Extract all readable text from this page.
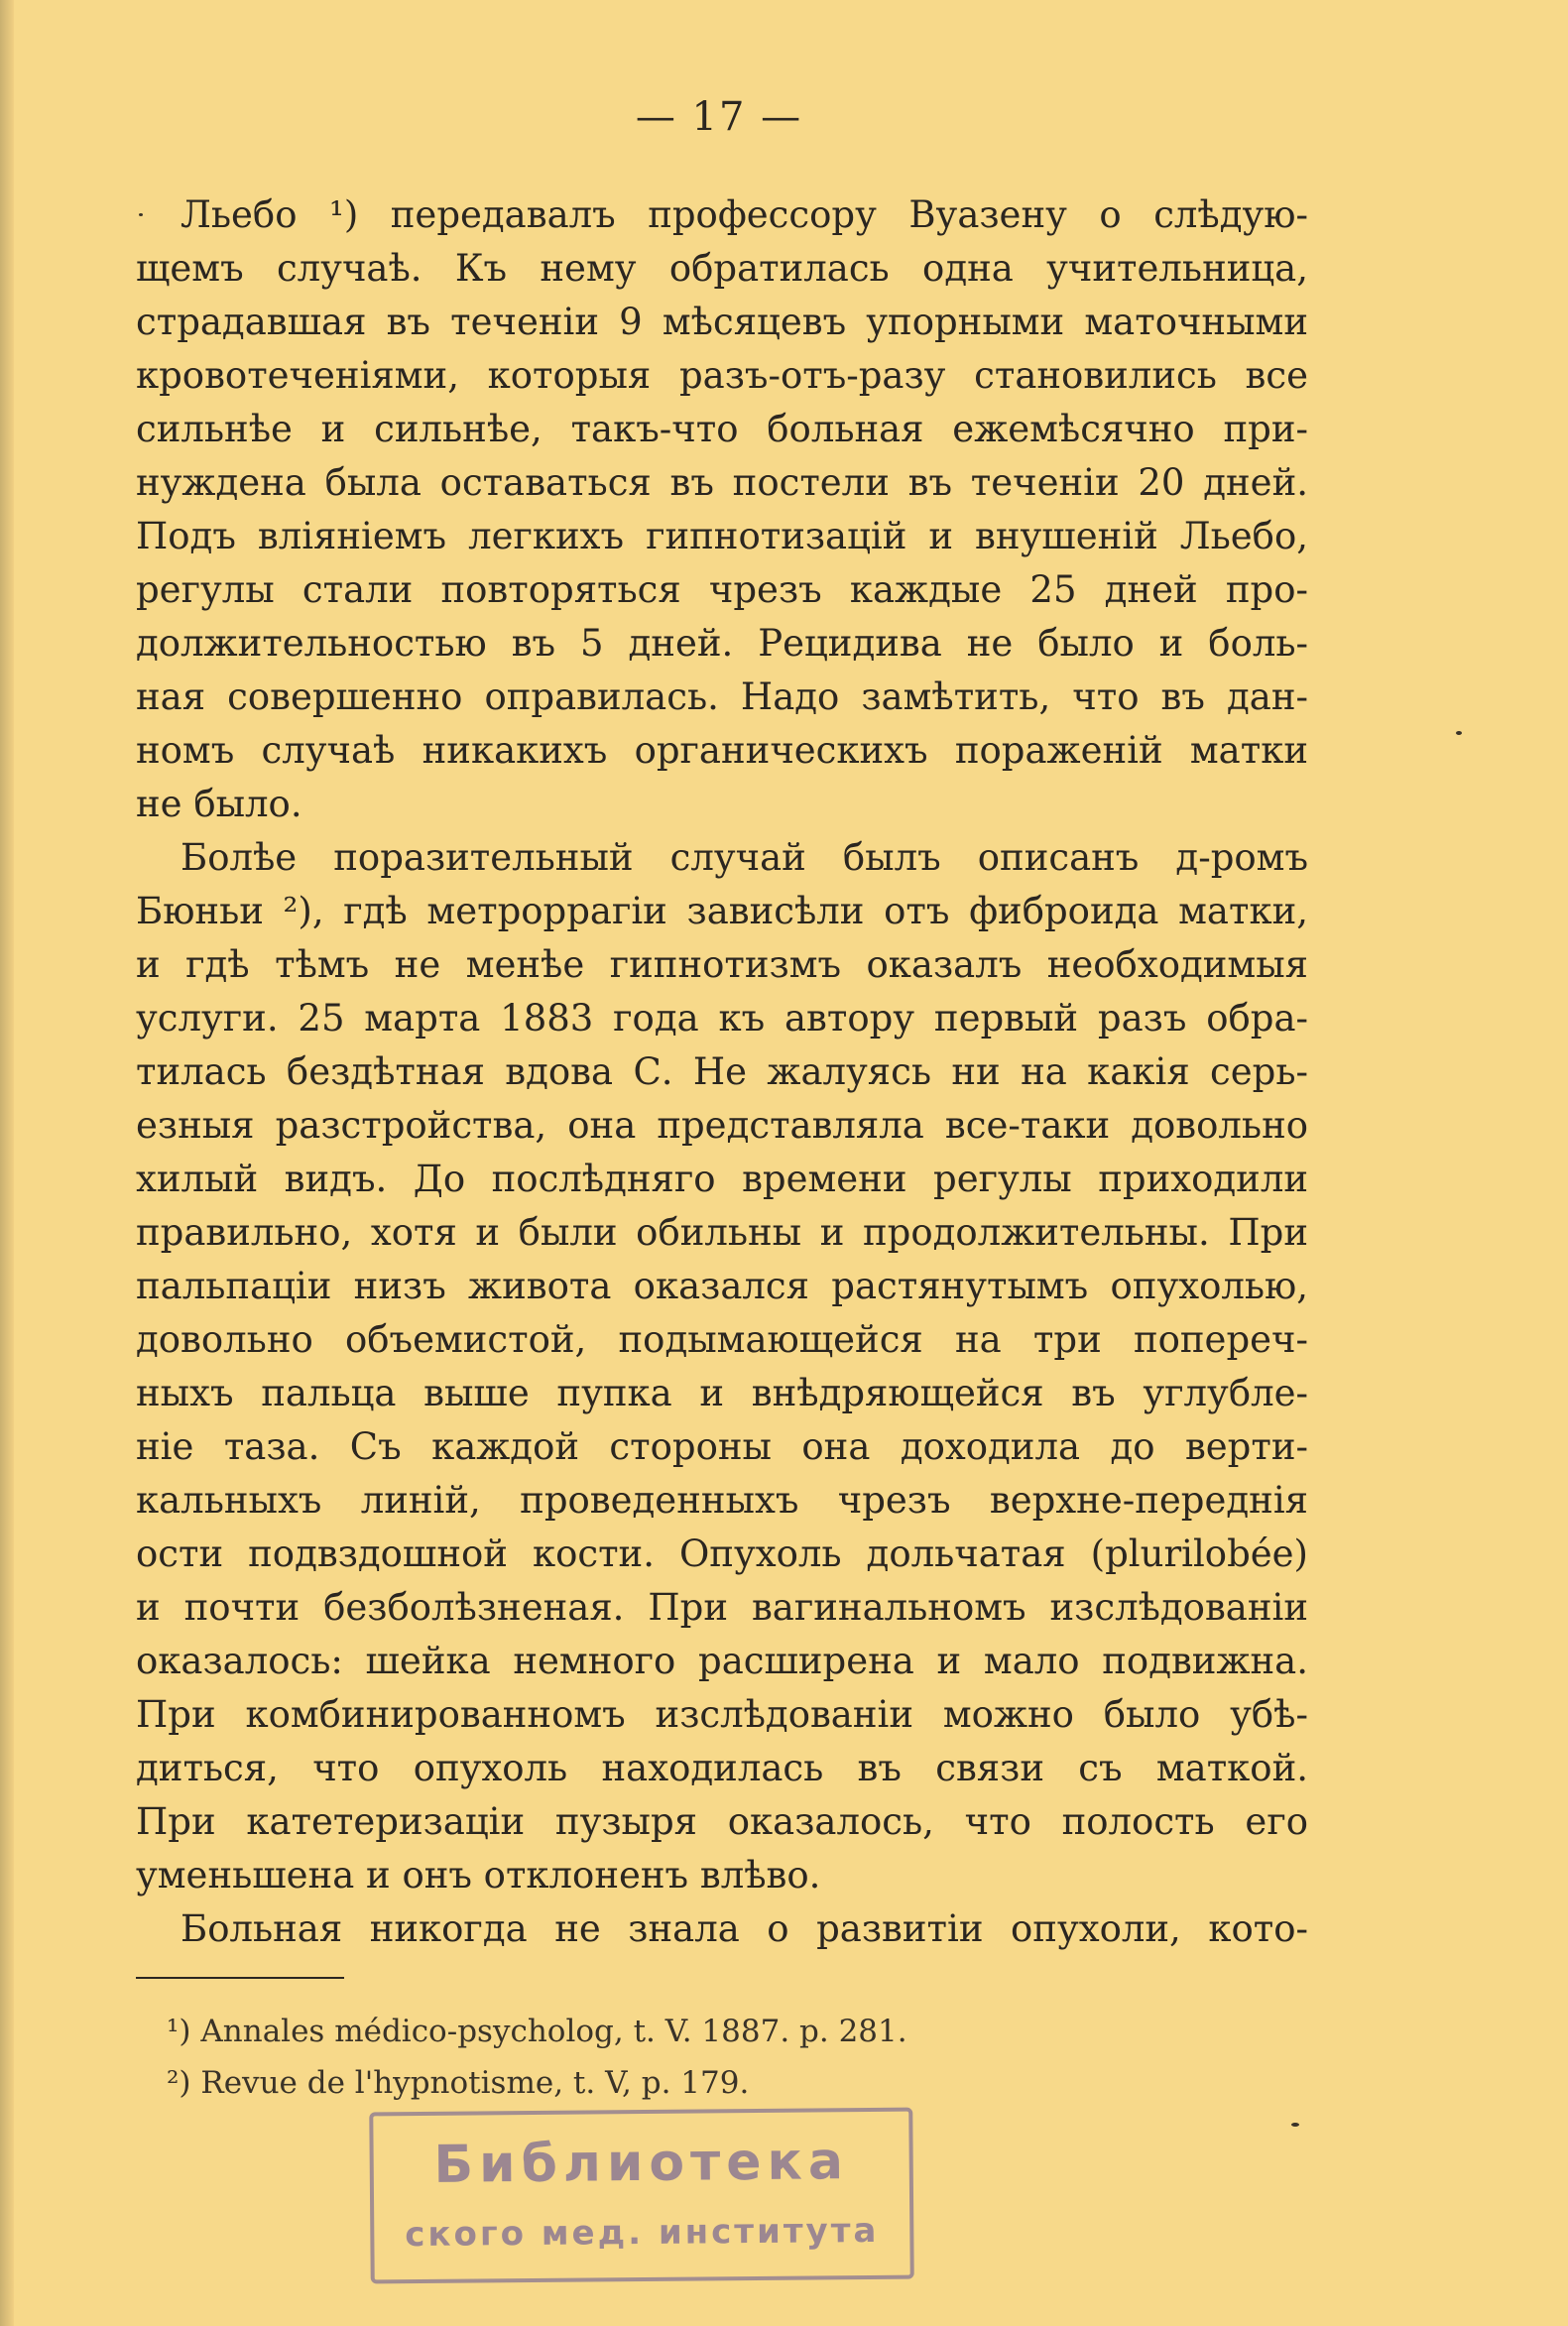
— 17 —
Льебо ¹) передавалъ профессору Вуазену о слѣдую-
щемъ случаѣ. Къ нему обратилась одна учительница,
страдавшая въ теченіи 9 мѣсяцевъ упорными маточными
кровотеченіями, которыя разъ-отъ-разу становились все
сильнѣе и сильнѣе, такъ-что больная ежемѣсячно при-
нуждена была оставаться въ постели въ теченіи 20 дней.
Подъ вліяніемъ легкихъ гипнотизацій и внушеній Льебо,
регулы стали повторяться чрезъ каждые 25 дней про-
должительностью въ 5 дней. Рецидива не было и боль-
ная совершенно оправилась. Надо замѣтить, что въ дан-
номъ случаѣ никакихъ органическихъ пораженій матки
не было.
Болѣе поразительный случай былъ описанъ д-ромъ
Бюньи ²), гдѣ метроррагіи зависѣли отъ фиброида матки,
и гдѣ тѣмъ не менѣе гипнотизмъ оказалъ необходимыя
услуги. 25 марта 1883 года къ автору первый разъ обра-
тилась бездѣтная вдова С. Не жалуясь ни на какія серь-
езныя разстройства, она представляла все-таки довольно
хилый видъ. До послѣдняго времени регулы приходили
правильно, хотя и были обильны и продолжительны. При
пальпаціи низъ живота оказался растянутымъ опухолью,
довольно объемистой, подымающейся на три попереч-
ныхъ пальца выше пупка и внѣдряющейся въ углубле-
ніе таза. Съ каждой стороны она доходила до верти-
кальныхъ линій, проведенныхъ чрезъ верхне-переднія
ости подвздошной кости. Опухоль дольчатая (plurilobée)
и почти безболѣзненая. При вагинальномъ изслѣдованіи
оказалось: шейка немного расширена и мало подвижна.
При комбинированномъ изслѣдованіи можно было убѣ-
диться, что опухоль находилась въ связи съ маткой.
При катетеризаціи пузыря оказалось, что полость его
уменьшена и онъ отклоненъ влѣво.
Больная никогда не знала о развитіи опухоли, кото-
¹) Annales médico-psycholog, t. V. 1887. p. 281.
²) Revue de l'hypnotisme, t. V, p. 179.
Библиотека
ского мед. института
